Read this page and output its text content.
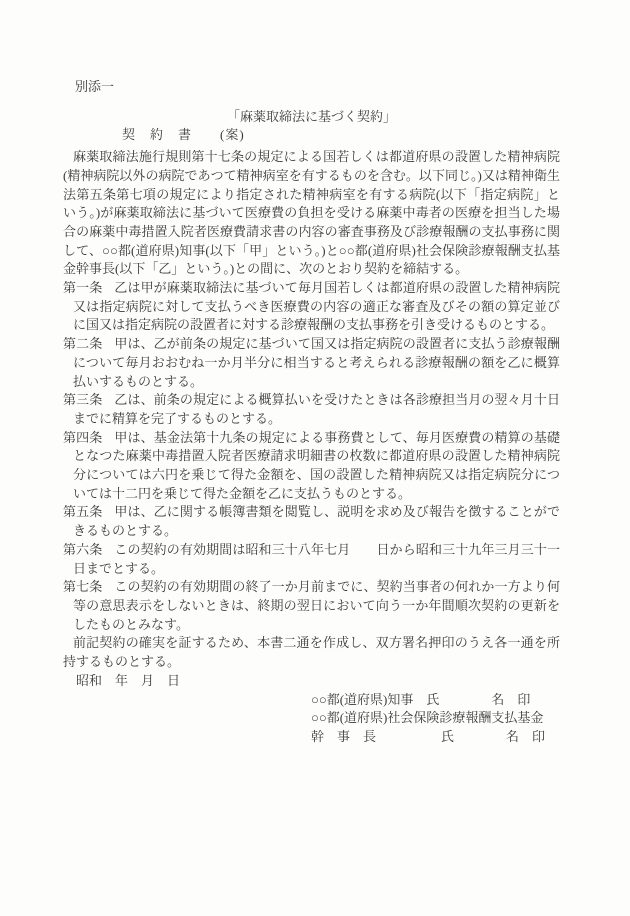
別添一

「麻薬取締法に基づく契約」

契　約　書　　(案)

麻薬取締法施行規則第十七条の規定による国若しくは都道府県の設置した精神病院(精神病院以外の病院であつて精神病室を有するものを含む。以下同じ。)又は精神衛生法第五条第七項の規定により指定された精神病室を有する病院(以下「指定病院」という。)が麻薬取締法に基づいて医療費の負担を受ける麻薬中毒者の医療を担当した場合の麻薬中毒措置入院者医療費請求書の内容の審査事務及び診療報酬の支払事務に関して、○○都(道府県)知事(以下「甲」という。)と○○都(道府県)社会保険診療報酬支払基金幹事長(以下「乙」という。)との間に、次のとおり契約を締結する。

第一条 乙は甲が麻薬取締法に基づいて毎月国若しくは都道府県の設置した精神病院又は指定病院に対して支払うべき医療費の内容の適正な審査及びその額の算定並びに国又は指定病院の設置者に対する診療報酬の支払事務を引き受けるものとする。

第二条 甲は、乙が前条の規定に基づいて国又は指定病院の設置者に支払う診療報酬について毎月おおむね一か月半分に相当すると考えられる診療報酬の額を乙に概算払いするものとする。

第三条 乙は、前条の規定による概算払いを受けたときは各診療担当月の翌々月十日までに精算を完了するものとする。

第四条 甲は、基金法第十九条の規定による事務費として、毎月医療費の精算の基礎となつた麻薬中毒措置入院者医療請求明細書の枚数に都道府県の設置した精神病院分については六円を乗じて得た金額を、国の設置した精神病院又は指定病院分については十二円を乗じて得た金額を乙に支払うものとする。

第五条 甲は、乙に関する帳簿書類を閲覧し、説明を求め及び報告を徴することができるものとする。

第六条 この契約の有効期間は昭和三十八年七月　　日から昭和三十九年三月三十一日までとする。

第七条 この契約の有効期間の終了一か月前までに、契約当事者の何れか一方より何等の意思表示をしないときは、終期の翌日において向う一か年間順次契約の更新をしたものとみなす。

前記契約の確実を証するため、本書二通を作成し、双方署名押印のうえ各一通を所持するものとする。

昭和　年　月　日

○○都(道府県)知事　氏　　　　名　印

○○都(道府県)社会保険診療報酬支払基金

幹　事　長　　　　　氏　　　　名　印
